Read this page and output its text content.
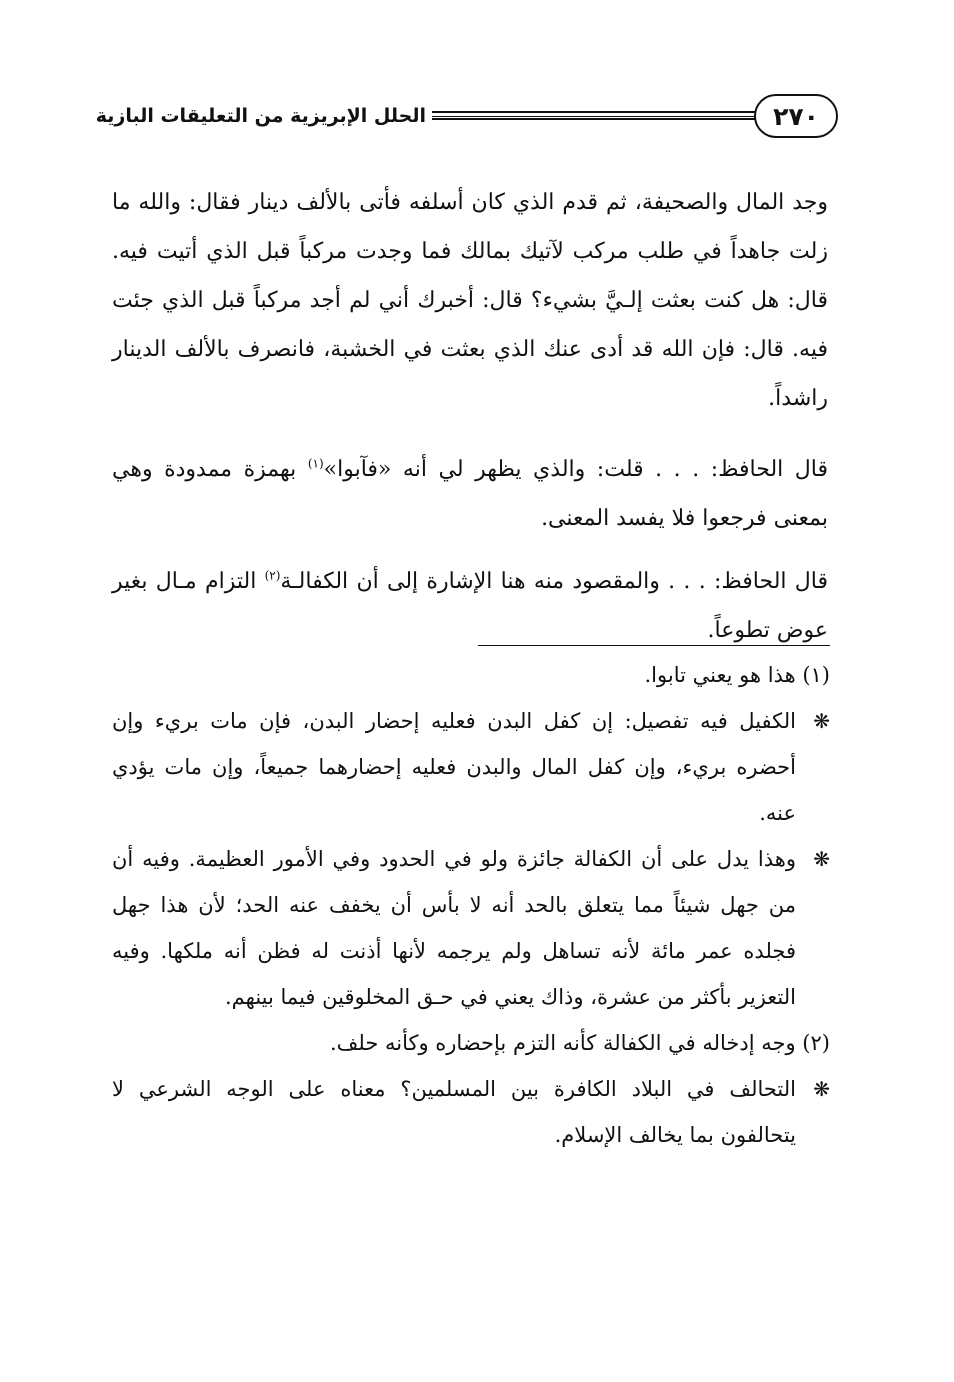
٢٧٠
الحلل الإبريزية من التعليقات البازية

وجد المال والصحيفة، ثم قدم الذي كان أسلفه فأتى بالألف دينار فقال: والله ما زلت جاهداً في طلب مركب لآتيك بمالك فما وجدت مركباً قبل الذي أتيت فيه. قال: هل كنت بعثت إلـيَّ بشيء؟ قال: أخبرك أني لم أجد مركباً قبل الذي جئت فيه. قال: فإن الله قد أدى عنك الذي بعثت في الخشبة، فانصرف بالألف الدينار راشداً.

قال الحافظ: . . . قلت: والذي يظهر لي أنه «فآبوا»$^{(١)}$ بهمزة ممدودة وهي بمعنى فرجعوا فلا يفسد المعنى.

قال الحافظ: . . . والمقصود منه هنا الإشارة إلى أن الكفالـة$^{(٢)}$ التزام مـال بغير عوض تطوعاً.

(١) هذا هو يعني تابوا.

❋
الكفيل فيه تفصيل: إن كفل البدن فعليه إحضار البدن، فإن مات بريء وإن أحضره بريء، وإن كفل المال والبدن فعليه إحضارهما جميعاً، وإن مات يؤدي عنه.

❋
وهذا يدل على أن الكفالة جائزة ولو في الحدود وفي الأمور العظيمة. وفيه أن من جهل شيئاً مما يتعلق بالحد أنه لا بأس أن يخفف عنه الحد؛ لأن هذا جهل فجلده عمر مائة لأنه تساهل ولم يرجمه لأنها أذنت له فظن أنه ملكها. وفيه التعزير بأكثر من عشرة، وذاك يعني في حـق المخلوقين فيما بينهم.

(٢) وجه إدخاله في الكفالة كأنه التزم بإحضاره وكأنه حلف.

❋
التحالف في البلاد الكافرة بين المسلمين؟ معناه على الوجه الشرعي لا يتحالفون بما يخالف الإسلام.
